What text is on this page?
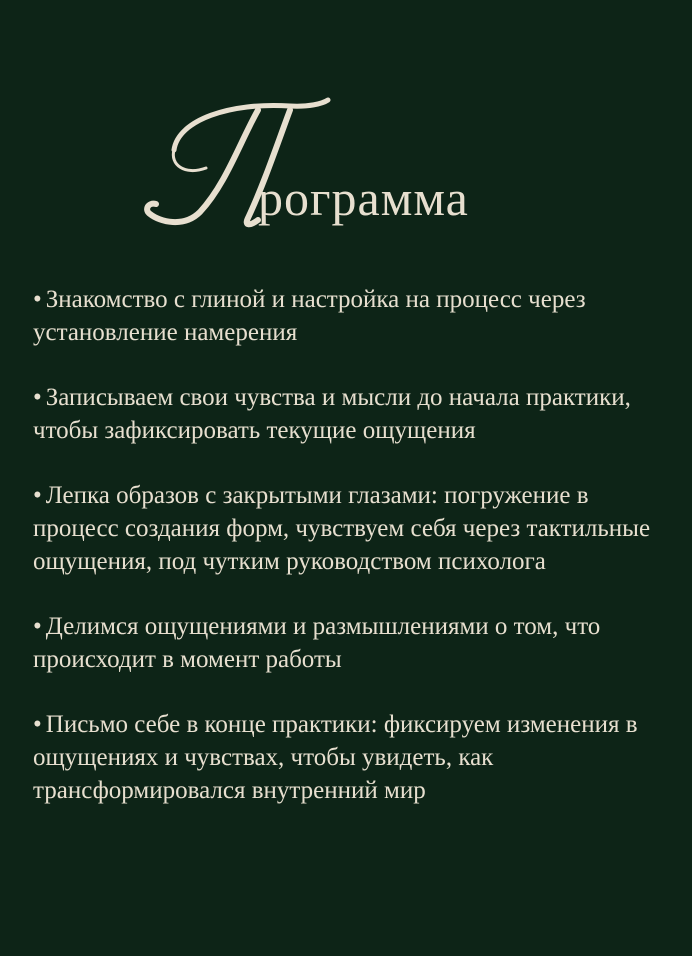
рограмма
• Знакомство с глиной и настройка на процесс через установление намерения
• Записываем свои чувства и мысли до начала практики, чтобы зафиксировать текущие ощущения
• Лепка образов с закрытыми глазами: погружение в процесс создания форм, чувствуем себя через тактильные ощущения, под чутким руководством психолога
• Делимся ощущениями и размышлениями о том, что происходит в момент работы
• Письмо себе в конце практики: фиксируем изменения в ощущениях и чувствах, чтобы увидеть, как трансформировался внутренний мир
